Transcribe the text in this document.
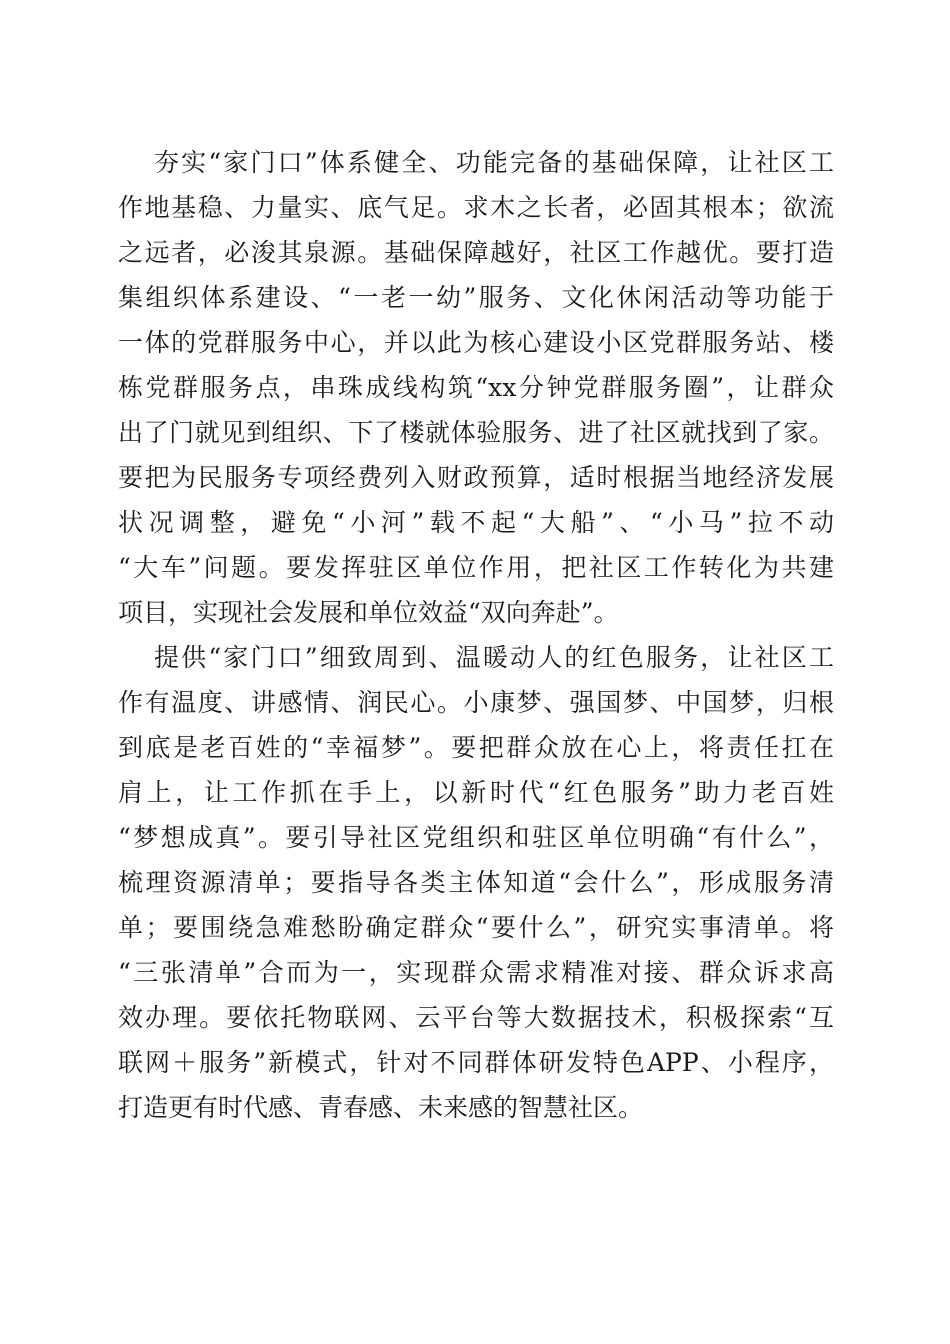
夯实“家门口”体系健全、功能完备的基础保障，让社区工
作地基稳、力量实、底气足。求木之长者，必固其根本；欲流
之远者，必浚其泉源。基础保障越好，社区工作越优。要打造
集组织体系建设、“一老一幼”服务、文化休闲活动等功能于
一体的党群服务中心，并以此为核心建设小区党群服务站、楼
栋党群服务点，串珠成线构筑“xx分钟党群服务圈”，让群众
出了门就见到组织、下了楼就体验服务、进了社区就找到了家。
要把为民服务专项经费列入财政预算，适时根据当地经济发展
状况调整，避免“小河”载不起“大船”、“小马”拉不动
“大车”问题。要发挥驻区单位作用，把社区工作转化为共建
项目，实现社会发展和单位效益“双向奔赴”。
提供“家门口”细致周到、温暖动人的红色服务，让社区工
作有温度、讲感情、润民心。小康梦、强国梦、中国梦，归根
到底是老百姓的“幸福梦”。要把群众放在心上，将责任扛在
肩上，让工作抓在手上，以新时代“红色服务”助力老百姓
“梦想成真”。要引导社区党组织和驻区单位明确“有什么”，
梳理资源清单；要指导各类主体知道“会什么”，形成服务清
单；要围绕急难愁盼确定群众“要什么”，研究实事清单。将
“三张清单”合而为一，实现群众需求精准对接、群众诉求高
效办理。要依托物联网、云平台等大数据技术，积极探索“互
联网＋服务”新模式，针对不同群体研发特色APP、小程序，
打造更有时代感、青春感、未来感的智慧社区。
